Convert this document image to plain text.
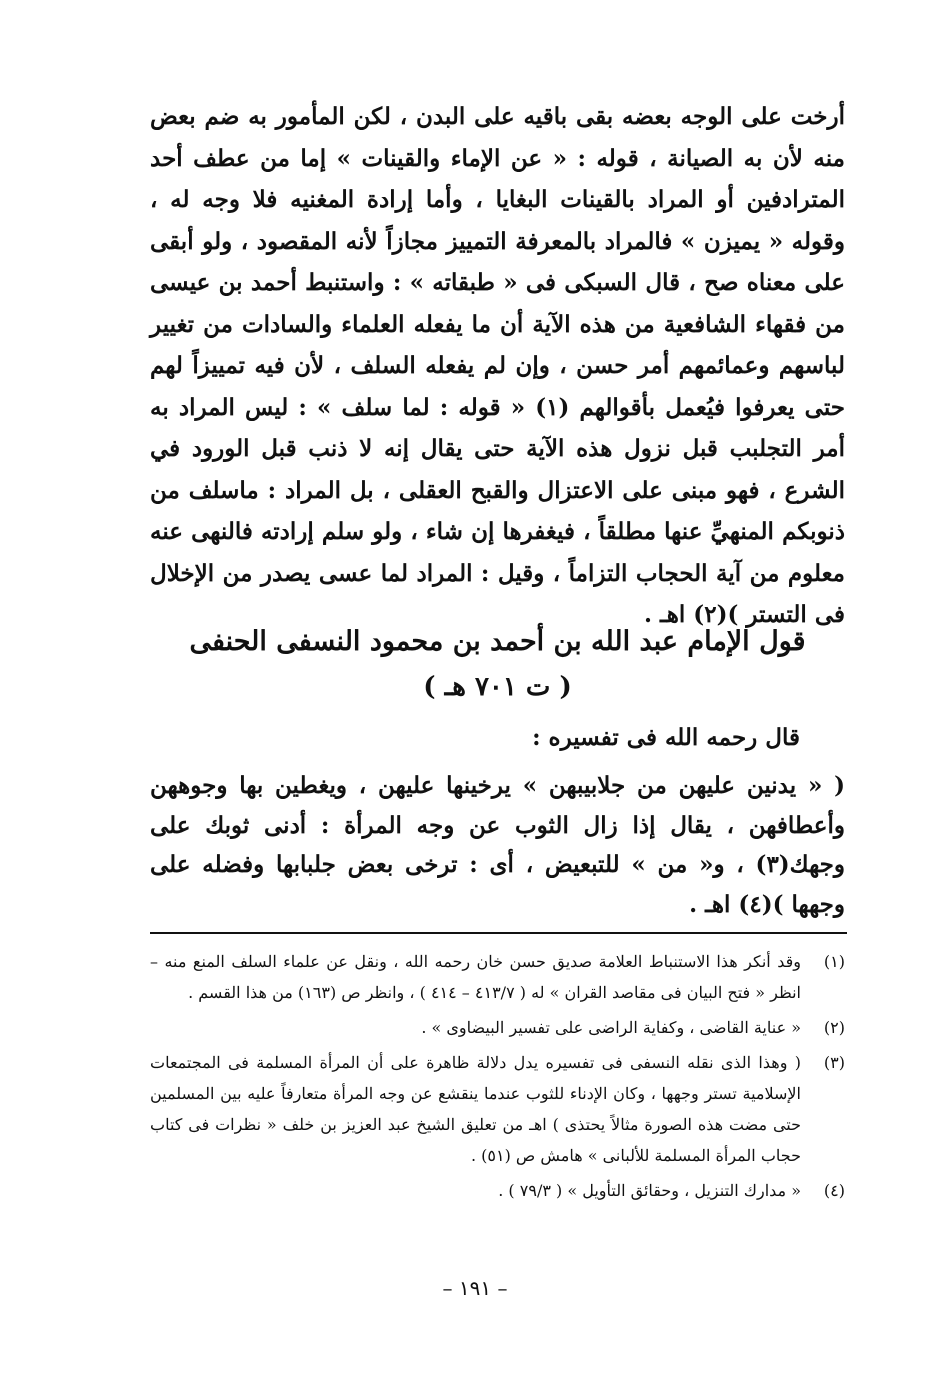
أرخت على الوجه بعضه بقى باقيه على البدن ، لكن المأمور به ضم بعض منه لأن به الصيانة ، قوله : « عن الإماء والقينات » إما من عطف أحد المترادفين أو المراد بالقينات البغايا ، وأما إرادة المغنيه فلا وجه له ، وقوله « يميزن » فالمراد بالمعرفة التمييز مجازاً لأنه المقصود ، ولو أبقى على معناه صح ، قال السبكى فى « طبقاته » : واستنبط أحمد بن عيسى من فقهاء الشافعية من هذه الآية أن ما يفعله العلماء والسادات من تغيير لباسهم وعمائمهم أمر حسن ، وإن لم يفعله السلف ، لأن فيه تمييزاً لهم حتى يعرفوا فيُعمل بأقوالهم (١) « قوله : لما سلف » : ليس المراد به أمر التجلبب قبل نزول هذه الآية حتى يقال إنه لا ذنب قبل الورود في الشرع ، فهو مبنى على الاعتزال والقبح العقلى ، بل المراد : ماسلف من ذنوبكم المنهيِّ عنها مطلقاً ، فيغفرها إن شاء ، ولو سلم إرادته فالنهى عنه معلوم من آية الحجاب التزاماً ، وقيل : المراد لما عسى يصدر من الإخلال فى التستر )(٢) اهـ .

قول الإمام عبد الله بن أحمد بن محمود النسفى الحنفى
( ت ٧٠١ هـ )

قال رحمه الله فى تفسيره :

( « يدنين عليهن من جلابيبهن » يرخينها عليهن ، ويغطين بها وجوههن وأعطافهن ، يقال إذا زال الثوب عن وجه المرأة : أدنى ثوبك على وجهك(٣) ، و« من » للتبعيض ، أى : ترخى بعض جلبابها وفضله على وجهها )(٤) اهـ .

(١)
وقد أنكر هذا الاستنباط العلامة صديق حسن خان رحمه الله ، ونقل عن علماء السلف المنع منه – انظر « فتح البيان فى مقاصد القران » له ( ٤١٣/٧ – ٤١٤ ) ، وانظر ص (١٦٣) من هذا القسم .
(٢)
« عناية القاضى ، وكفاية الراضى على تفسير البيضاوى » .
(٣)
( وهذا الذى نقله النسفى فى تفسيره يدل دلالة ظاهرة على أن المرأة المسلمة فى المجتمعات الإسلامية تستر وجهها ، وكان الإدناء للثوب عندما ينقشع عن وجه المرأة متعارفاً عليه بين المسلمين حتى مضت هذه الصورة مثالاً يحتذى ) اهـ من تعليق الشيخ عبد العزيز بن خلف « نظرات فى كتاب حجاب المرأة المسلمة للألبانى » هامش ص (٥١) .
(٤)
« مدارك التنزيل ، وحقائق التأويل » ( ٧٩/٣ ) .

– ١٩١ –
